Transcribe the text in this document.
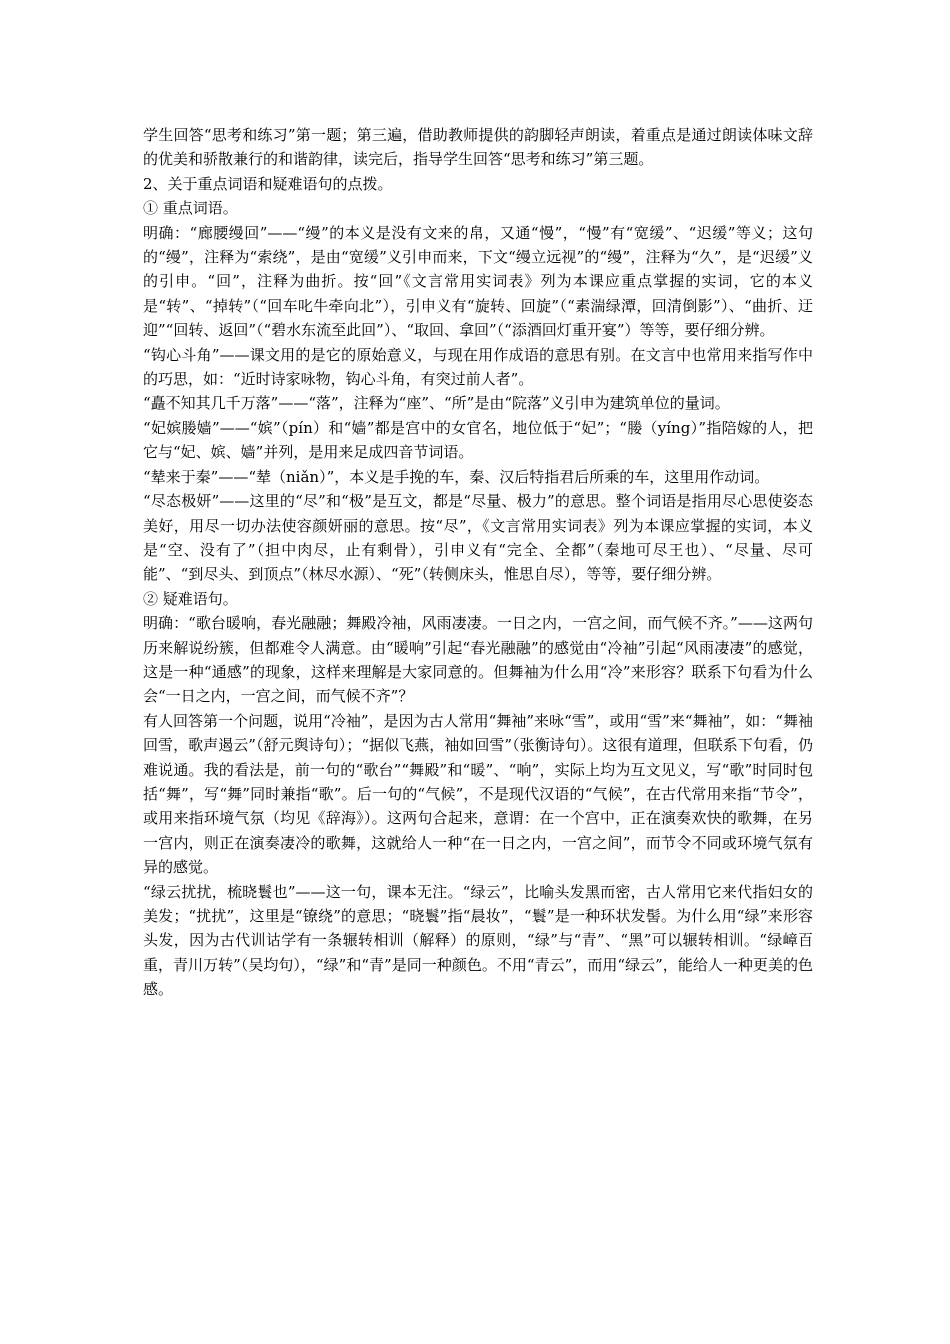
学生回答“思考和练习”第一题；第三遍，借助教师提供的韵脚轻声朗读，着重点是通过朗读体味文辞的优美和骄散兼行的和谐韵律，读完后，指导学生回答“思考和练习”第三题。

2、关于重点词语和疑难语句的点拨。

① 重点词语。

明确：“廊腰缦回”——“缦”的本义是没有文来的帛，又通“慢”，“慢”有“宽缓”、“迟缓”等义；这句的“缦”，注释为“索绕”，是由“宽缓”义引申而来，下文“缦立远视”的“缦”，注释为“久”，是“迟缓”义的引申。“回”，注释为曲折。按“回”《文言常用实词表》列为本课应重点掌握的实词，它的本义是“转”、“掉转”（“回车叱牛牵向北”），引申义有“旋转、回旋”（“素湍绿潭，回清倒影”）、“曲折、迂迎”“回转、返回”（“碧水东流至此回”）、“取回、拿回”（“添酒回灯重开宴”）等等，要仔细分辨。

“钩心斗角”——课文用的是它的原始意义，与现在用作成语的意思有别。在文言中也常用来指写作中的巧思，如：“近时诗家咏物，钩心斗角，有突过前人者”。

“矗不知其几千万落”——“落”，注释为“座”、“所”是由“院落”义引申为建筑单位的量词。

“妃嫔媵嫱”——“嫔”（pín）和“嫱”都是宫中的女官名，地位低于“妃”；“媵（yíng）”指陪嫁的人，把它与“妃、嫔、嫱”并列，是用来足成四音节词语。

“辇来于秦”——“辇（niǎn）”，本义是手挽的车，秦、汉后特指君后所乘的车，这里用作动词。

“尽态极妍”——这里的“尽”和“极”是互文，都是“尽量、极力”的意思。整个词语是指用尽心思使姿态美好，用尽一切办法使容颜妍丽的意思。按“尽”，《文言常用实词表》列为本课应掌握的实词，本义是“空、没有了”（担中肉尽，止有剩骨），引申义有“完全、全都”（秦地可尽王也）、“尽量、尽可能”、“到尽头、到顶点”（林尽水源）、“死”（转侧床头，惟思自尽），等等，要仔细分辨。

② 疑难语句。

明确：“歌台暖响，春光融融；舞殿冷袖，风雨凄凄。一日之内，一宫之间，而气候不齐。”——这两句历来解说纷簇，但都难令人满意。由“暖响”引起“春光融融”的感觉由“冷袖”引起“风雨凄凄”的感觉，这是一种“通感”的现象，这样来理解是大家同意的。但舞袖为什么用“冷”来形容？联系下句看为什么会“一日之内，一宫之间，而气候不齐”？

有人回答第一个问题，说用“冷袖”，是因为古人常用“舞袖”来咏“雪”，或用“雪”来“舞袖”，如：“舞袖回雪，歌声遏云”（舒元舆诗句）；“据似飞燕，袖如回雪”（张衡诗句）。这很有道理，但联系下句看，仍难说通。我的看法是，前一句的“歌台”“舞殿”和“暖”、“响”，实际上均为互文见义，写“歌”时同时包括“舞”，写“舞”同时兼指“歌”。后一句的“气候”，不是现代汉语的“气候”，在古代常用来指“节令”，或用来指环境气氛（均见《辞海》）。这两句合起来，意谓：在一个宫中，正在演奏欢快的歌舞，在另一宫内，则正在演奏凄冷的歌舞，这就给人一种“在一日之内，一宫之间”，而节令不同或环境气氛有异的感觉。

“绿云扰扰，梳晓鬟也”——这一句，课本无注。“绿云”，比喻头发黑而密，古人常用它来代指妇女的美发；“扰扰”，这里是“镣绕”的意思；“晓鬟”指“晨妆”，“鬟”是一种环状发髻。为什么用“绿”来形容头发，因为古代训诂学有一条辗转相训（解释）的原则，“绿”与“青”、“黑”可以辗转相训。“绿嶂百重，青川万转”（吴均句），“绿”和“青”是同一种颜色。不用“青云”，而用“绿云”，能给人一种更美的色感。
